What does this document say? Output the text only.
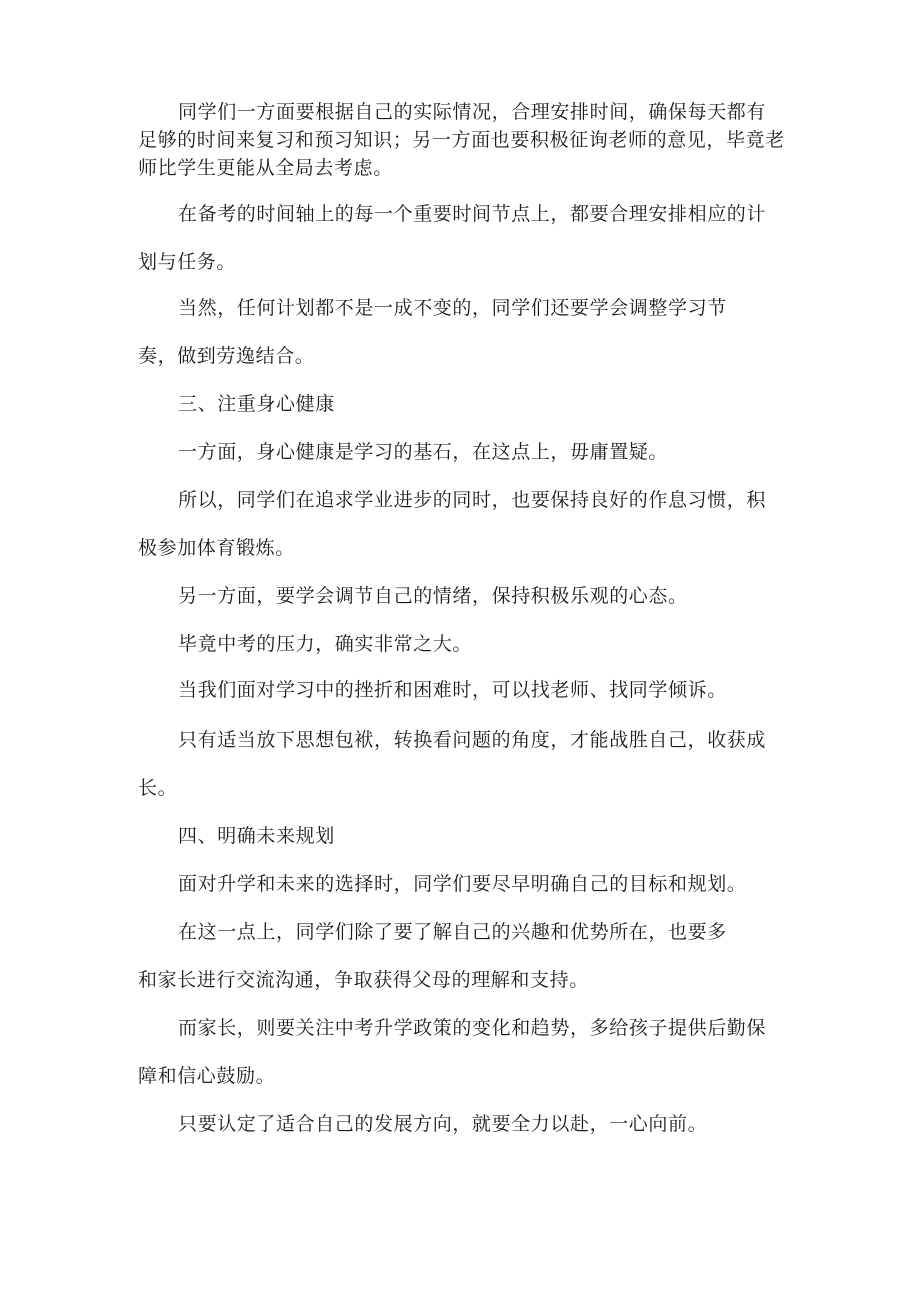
同学们一方面要根据自己的实际情况，合理安排时间，确保每天都有
足够的时间来复习和预习知识；另一方面也要积极征询老师的意见，毕竟老
师比学生更能从全局去考虑。
在备考的时间轴上的每一个重要时间节点上，都要合理安排相应的计
划与任务。
当然，任何计划都不是一成不变的，同学们还要学会调整学习节
奏，做到劳逸结合。
三、注重身心健康
一方面，身心健康是学习的基石，在这点上，毋庸置疑。
所以，同学们在追求学业进步的同时，也要保持良好的作息习惯，积
极参加体育锻炼。
另一方面，要学会调节自己的情绪，保持积极乐观的心态。
毕竟中考的压力，确实非常之大。
当我们面对学习中的挫折和困难时，可以找老师、找同学倾诉。
只有适当放下思想包袱，转换看问题的角度，才能战胜自己，收获成
长。
四、明确未来规划
面对升学和未来的选择时，同学们要尽早明确自己的目标和规划。
在这一点上，同学们除了要了解自己的兴趣和优势所在，也要多
和家长进行交流沟通，争取获得父母的理解和支持。
而家长，则要关注中考升学政策的变化和趋势，多给孩子提供后勤保
障和信心鼓励。
只要认定了适合自己的发展方向，就要全力以赴，一心向前。
